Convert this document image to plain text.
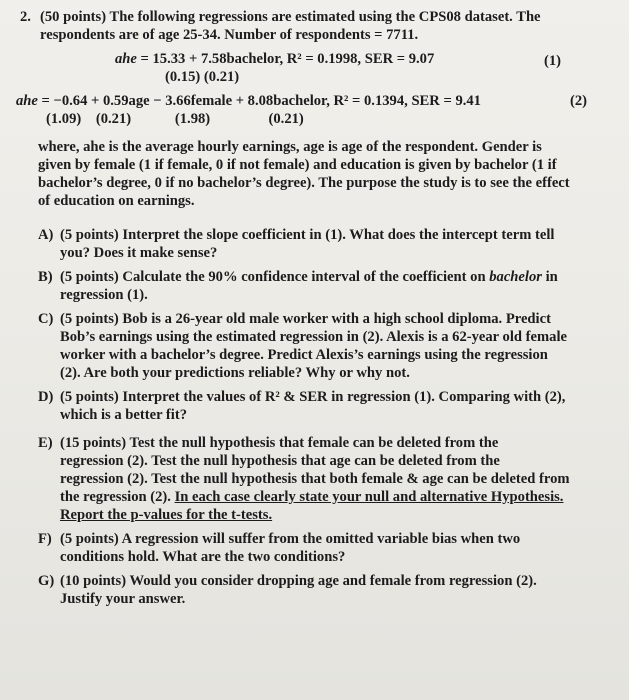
2. (50 points) The following regressions are estimated using the CPS08 dataset. The
respondents are of age 25-34. Number of respondents = 7711.
ahe = 15.33 + 7.58bachelor, R² = 0.1998, SER = 9.07
(0.15) (0.21)
(1)
ahe = −0.64 + 0.59age − 3.66female + 8.08bachelor, R² = 0.1394, SER = 9.41
(1.09)    (0.21)            (1.98)                (0.21)
(2)
where, ahe is the average hourly earnings, age is age of the respondent. Gender is
given by female (1 if female, 0 if not female) and education is given by bachelor (1 if
bachelor’s degree, 0 if no bachelor’s degree). The purpose the study is to see the effect
of education on earnings.
A) (5 points) Interpret the slope coefficient in (1). What does the intercept term tell
you? Does it make sense?
B) (5 points) Calculate the 90% confidence interval of the coefficient on bachelor in
regression (1).
C) (5 points) Bob is a 26-year old male worker with a high school diploma. Predict
Bob’s earnings using the estimated regression in (2). Alexis is a 62-year old female
worker with a bachelor’s degree. Predict Alexis’s earnings using the regression
(2). Are both your predictions reliable? Why or why not.
D) (5 points) Interpret the values of R² & SER in regression (1). Comparing with (2),
which is a better fit?
E) (15 points) Test the null hypothesis that female can be deleted from the
regression (2). Test the null hypothesis that age can be deleted from the
regression (2). Test the null hypothesis that both female & age can be deleted from
the regression (2). In each case clearly state your null and alternative Hypothesis.
Report the p-values for the t-tests.
F) (5 points) A regression will suffer from the omitted variable bias when two
conditions hold. What are the two conditions?
G) (10 points) Would you consider dropping age and female from regression (2).
Justify your answer.
